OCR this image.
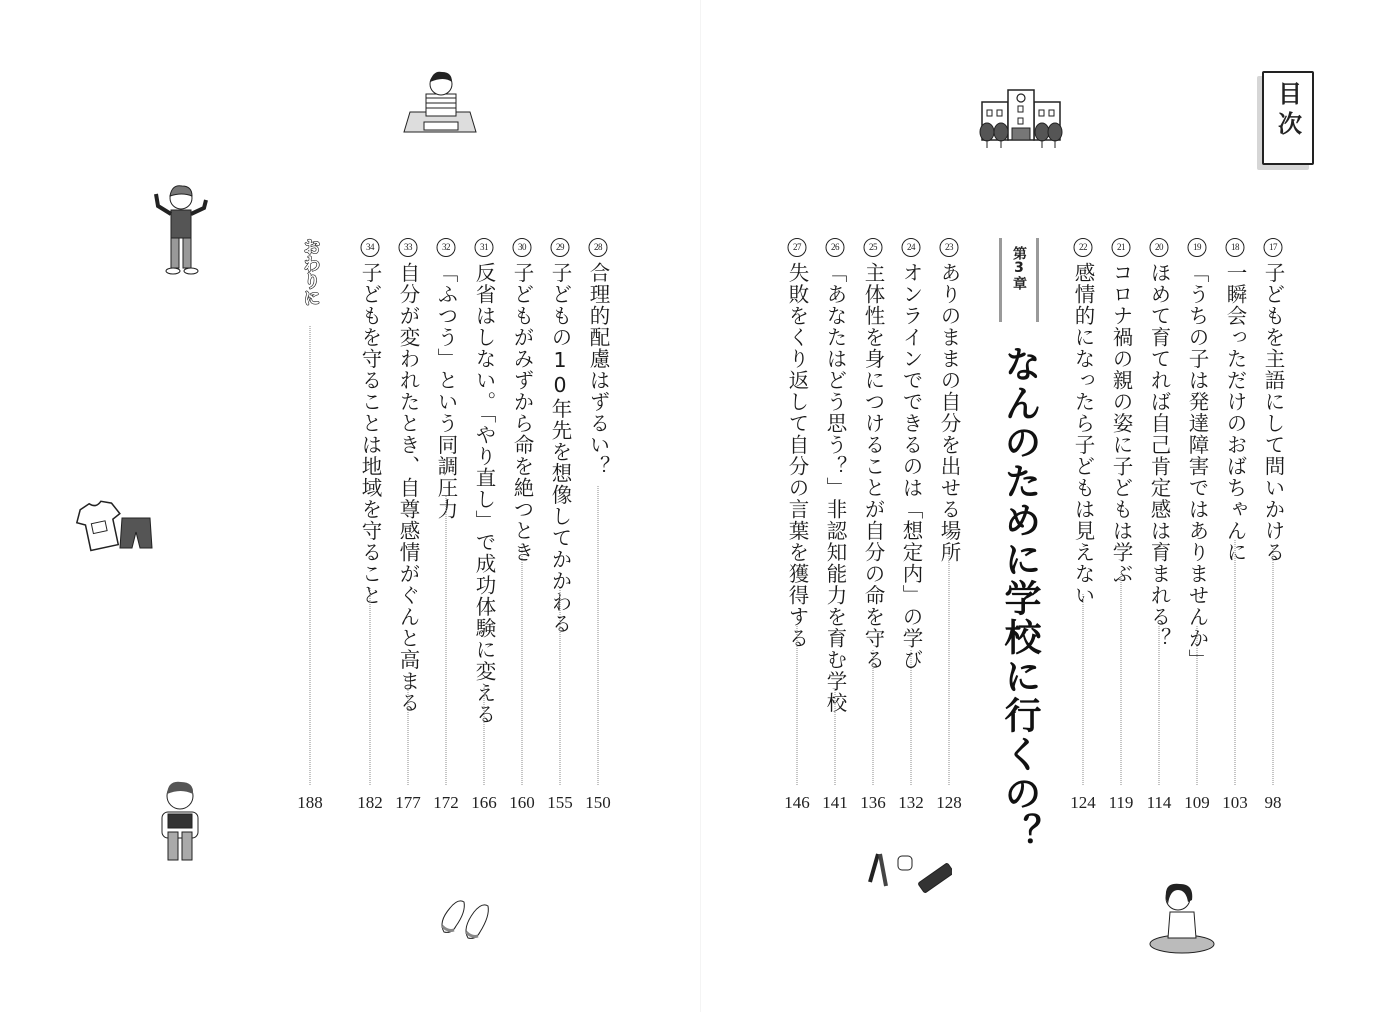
目次
17
子どもを主語にして問いかける
98
18
一瞬会っただけのおばちゃんに
103
19
「うちの子は発達障害ではありませんか」
109
20
ほめて育てれば自己肯定感は育まれる？
114
21
コロナ禍の親の姿に子どもは学ぶ
119
22
感情的になったら子どもは見えない
124
第3章
なんのために学校に行くの？
23
ありのままの自分を出せる場所
128
24
オンラインでできるのは「想定内」の学び
132
25
主体性を身につけることが自分の命を守る
136
26
「あなたはどう思う？」非認知能力を育む学校
141
27
失敗をくり返して自分の言葉を獲得する
146
28
合理的配慮はずるい？
150
29
子どもの10年先を想像してかかわる
155
30
子どもがみずから命を絶つとき
160
31
反省はしない。「やり直し」で成功体験に変える
166
32
「ふつう」という同調圧力
172
33
自分が変われたとき、自尊感情がぐんと高まる
177
34
子どもを守ることは地域を守ること
182
おわりに
188
